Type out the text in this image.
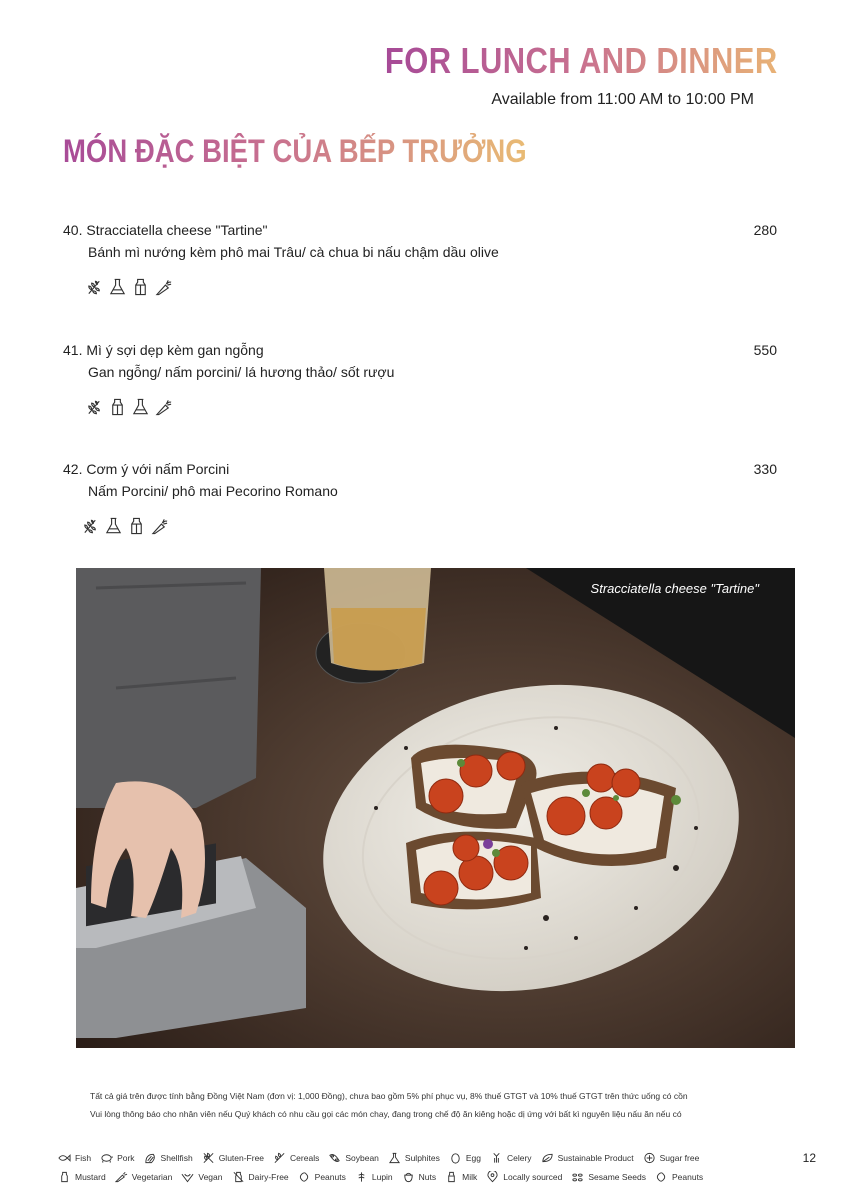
FOR LUNCH AND DINNER
Available from 11:00 AM to 10:00 PM
MÓN ĐẶC BIỆT CỦA BẾP TRƯỞNG
40. Stracciatella cheese "Tartine"	280
Bánh mì nướng kèm phô mai Trâu/ cà chua bi nấu chậm dầu olive
41. Mì ý sợi dẹp kèm gan ngỗng	550
Gan ngỗng/ nấm porcini/ lá hương thảo/ sốt rượu
42. Cơm ý với nấm Porcini	330
Nấm Porcini/ phô mai Pecorino Romano
Stracciatella cheese "Tartine"
Tất cả giá trên được tính bằng Đồng Việt Nam (đơn vị: 1,000 Đồng), chưa bao gồm 5% phí phục vụ, 8% thuế GTGT và 10% thuế GTGT trên thức uống có cồn
Vui lòng thông báo cho nhân viên nếu Quý khách có nhu cầu gọi các món chay, đang trong chế độ ăn kiêng hoặc dị ứng với bất kì nguyên liệu nấu ăn nếu có
Fish	Pork	Shellfish	Gluten-Free	Cereals	Soybean	Sulphites	Egg	Celery	Sustainable Product	Sugar free
Mustard	Vegetarian	Vegan	Dairy-Free	Peanuts	Lupin	Nuts	Milk	Locally sourced	Sesame Seeds	Peanuts
12
